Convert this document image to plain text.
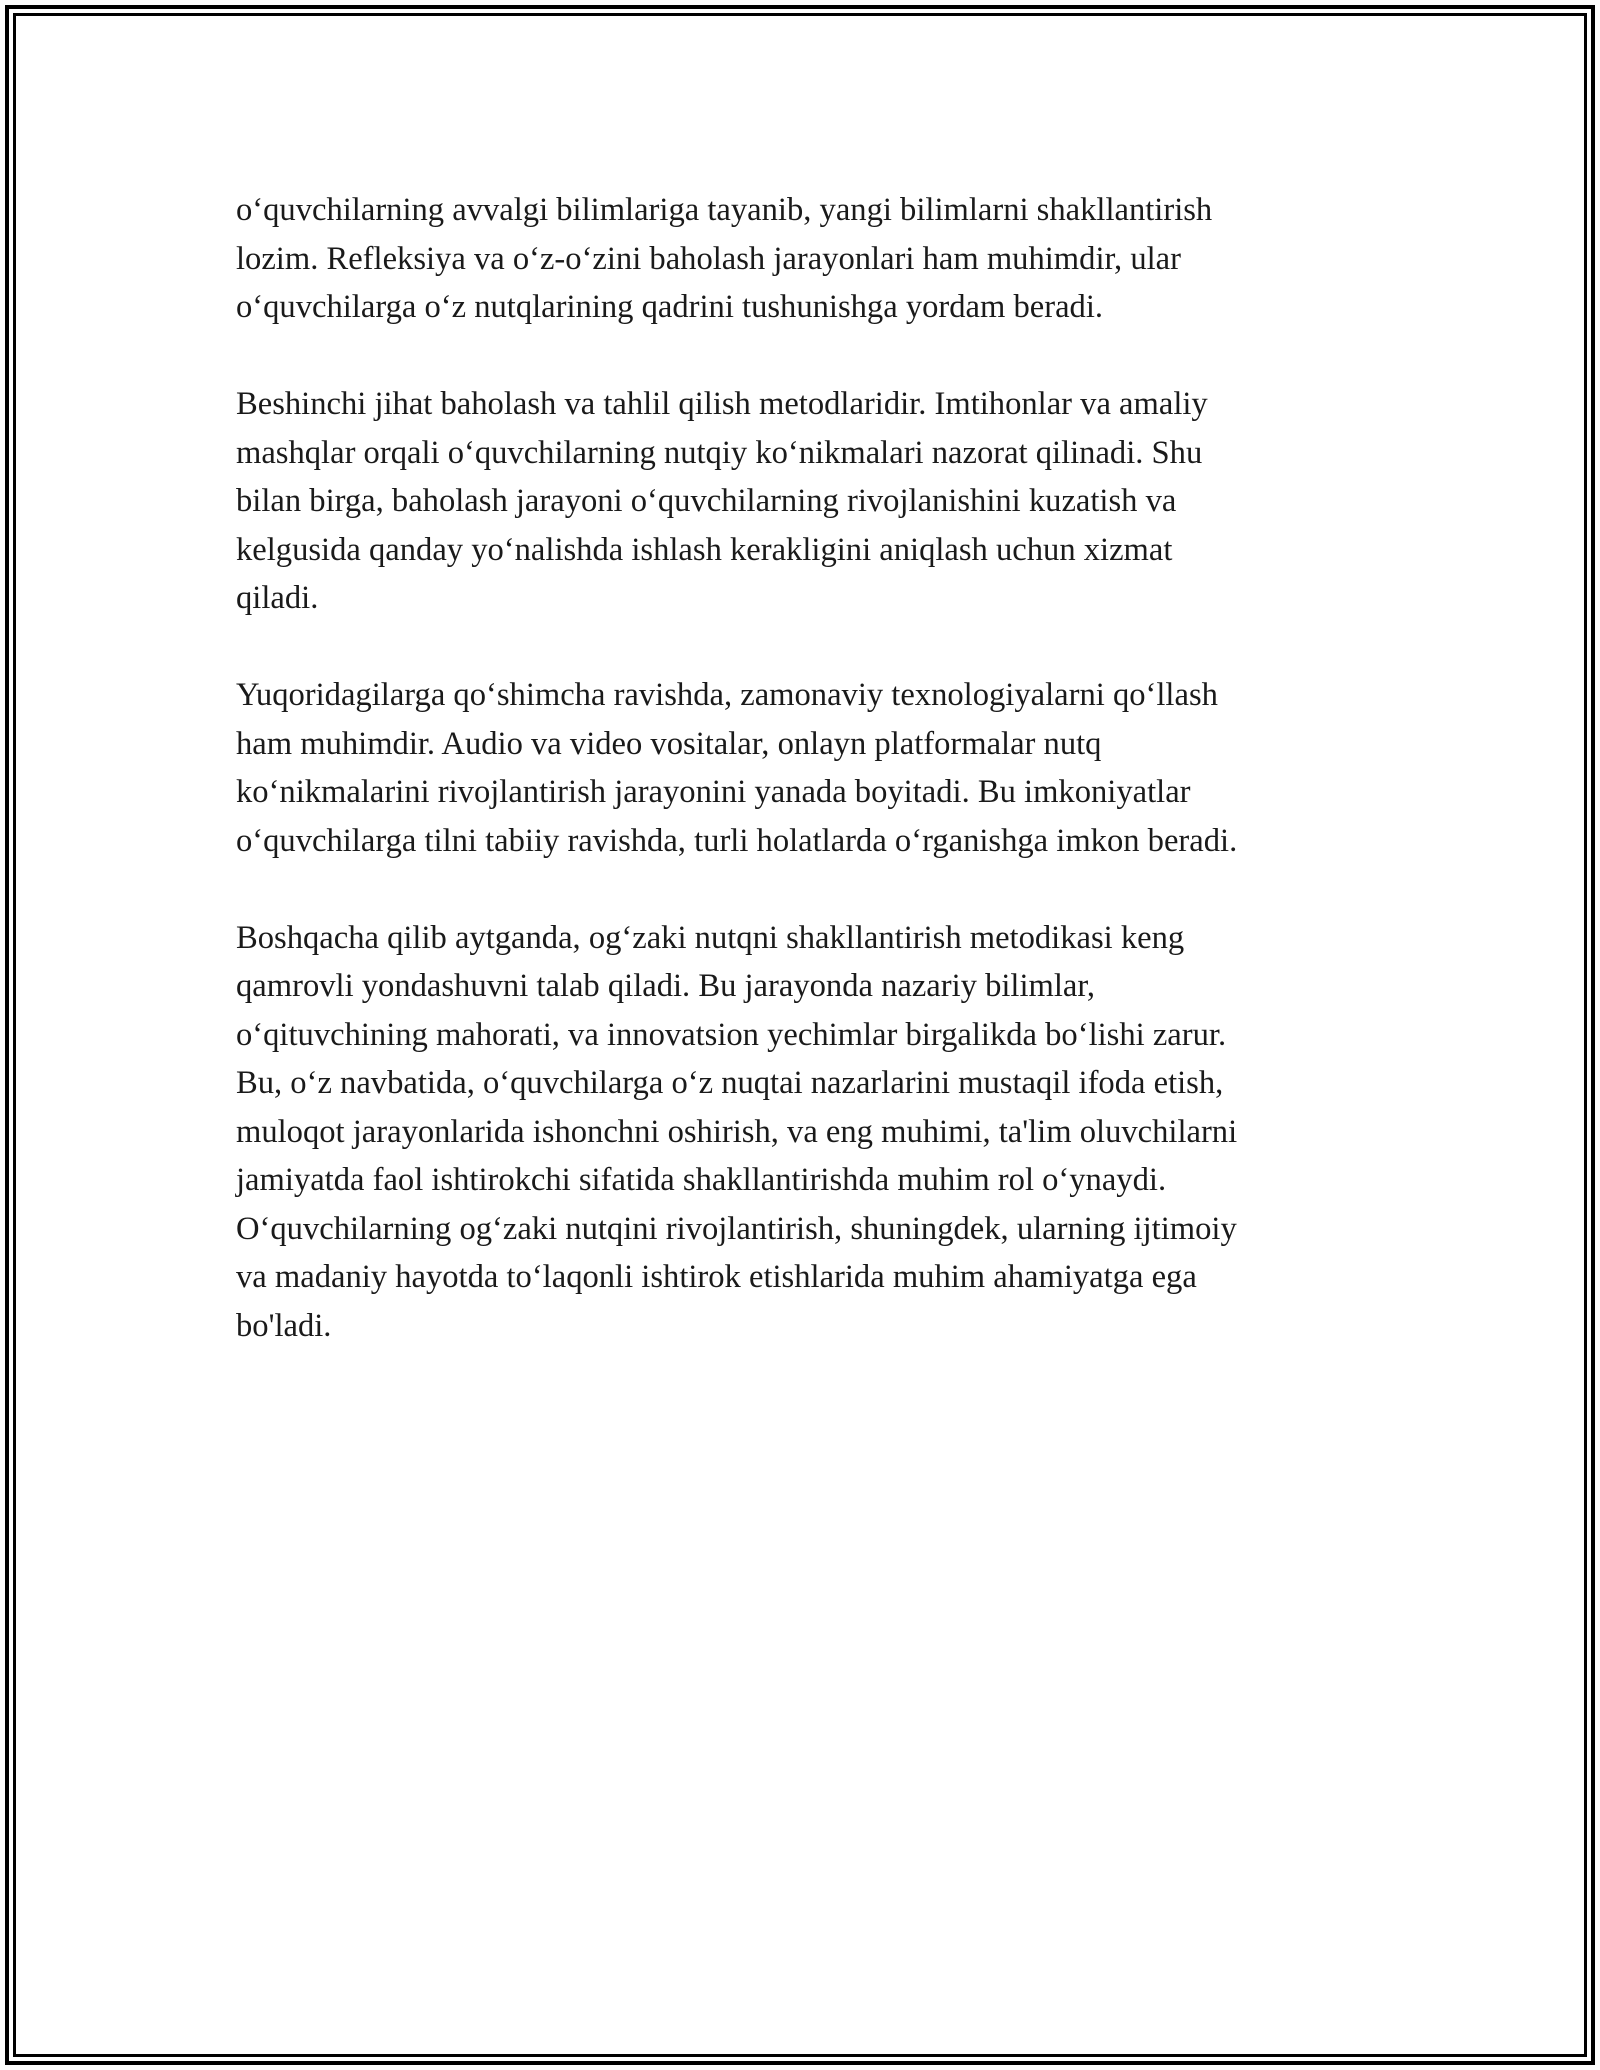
o‘quvchilarning avvalgi bilimlariga tayanib, yangi bilimlarni shakllantirish
lozim. Refleksiya va o‘z-o‘zini baholash jarayonlari ham muhimdir, ular
o‘quvchilarga o‘z nutqlarining qadrini tushunishga yordam beradi.

Beshinchi jihat baholash va tahlil qilish metodlaridir. Imtihonlar va amaliy
mashqlar orqali o‘quvchilarning nutqiy ko‘nikmalari nazorat qilinadi. Shu
bilan birga, baholash jarayoni o‘quvchilarning rivojlanishini kuzatish va
kelgusida qanday yo‘nalishda ishlash kerakligini aniqlash uchun xizmat
qiladi.

Yuqoridagilarga qo‘shimcha ravishda, zamonaviy texnologiyalarni qo‘llash
ham muhimdir. Audio va video vositalar, onlayn platformalar nutq
ko‘nikmalarini rivojlantirish jarayonini yanada boyitadi. Bu imkoniyatlar
o‘quvchilarga tilni tabiiy ravishda, turli holatlarda o‘rganishga imkon beradi.

Boshqacha qilib aytganda, og‘zaki nutqni shakllantirish metodikasi keng
qamrovli yondashuvni talab qiladi. Bu jarayonda nazariy bilimlar,
o‘qituvchining mahorati, va innovatsion yechimlar birgalikda bo‘lishi zarur.
Bu, o‘z navbatida, o‘quvchilarga o‘z nuqtai nazarlarini mustaqil ifoda etish,
muloqot jarayonlarida ishonchni oshirish, va eng muhimi, ta'lim oluvchilarni
jamiyatda faol ishtirokchi sifatida shakllantirishda muhim rol o‘ynaydi.
O‘quvchilarning og‘zaki nutqini rivojlantirish, shuningdek, ularning ijtimoiy
va madaniy hayotda to‘laqonli ishtirok etishlarida muhim ahamiyatga ega
bo'ladi.
